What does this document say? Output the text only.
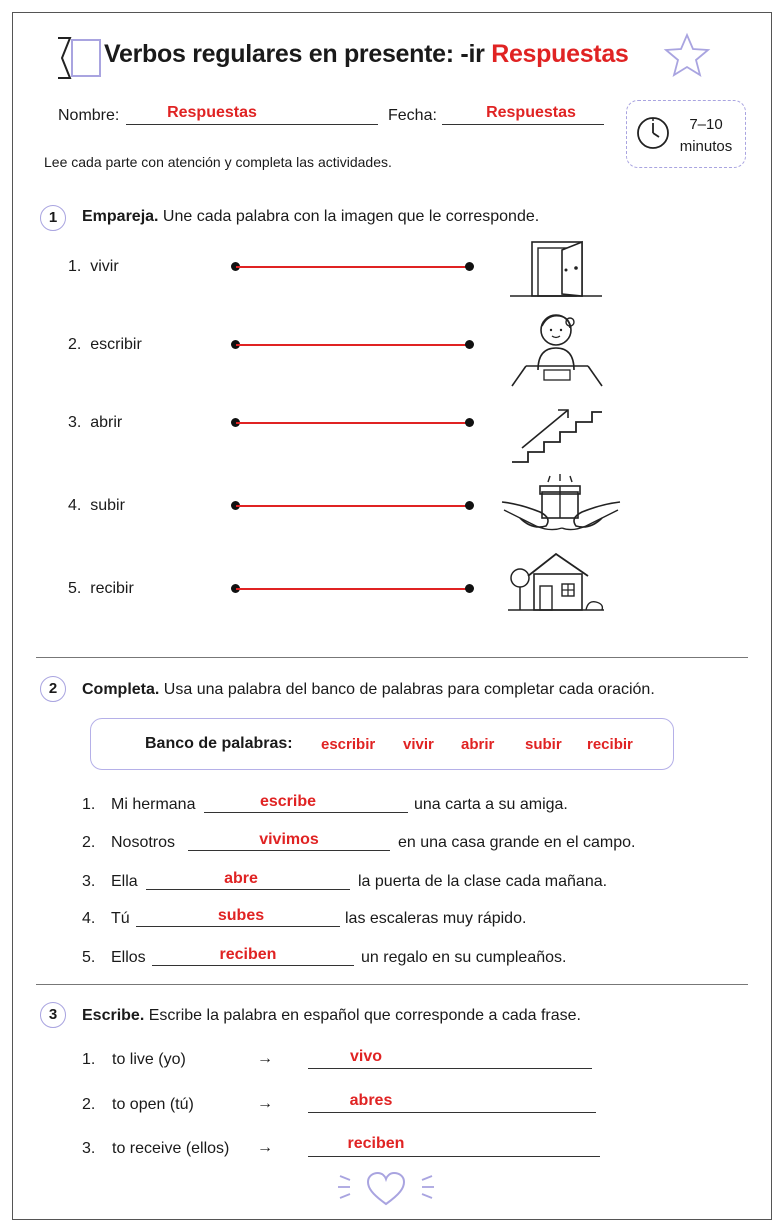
Verbos regulares en presente: -ir Respuestas
Nombre:	Respuestas	Fecha:	Respuestas
7–10
minutos
Lee cada parte con atención y completa las actividades.
1	Empareja. Une cada palabra con la imagen que le corresponde.
1. vivir
2. escribir
3. abrir
4. subir
5. recibir
2	Completa. Usa una palabra del banco de palabras para completar cada oración.
Banco de palabras: escribir vivir abrir subir recibir
1. Mi hermana	escribe	una carta a su amiga.
2. Nosotros	vivimos	en una casa grande en el campo.
3. Ella	abre	la puerta de la clase cada mañana.
4. Tú	subes	las escaleras muy rápido.
5. Ellos	reciben	un regalo en su cumpleaños.
3	Escribe. Escribe la palabra en español que corresponde a cada frase.
1. to live (yo)	→	vivo
2. to open (tú)	→	abres
3. to receive (ellos) →	reciben
